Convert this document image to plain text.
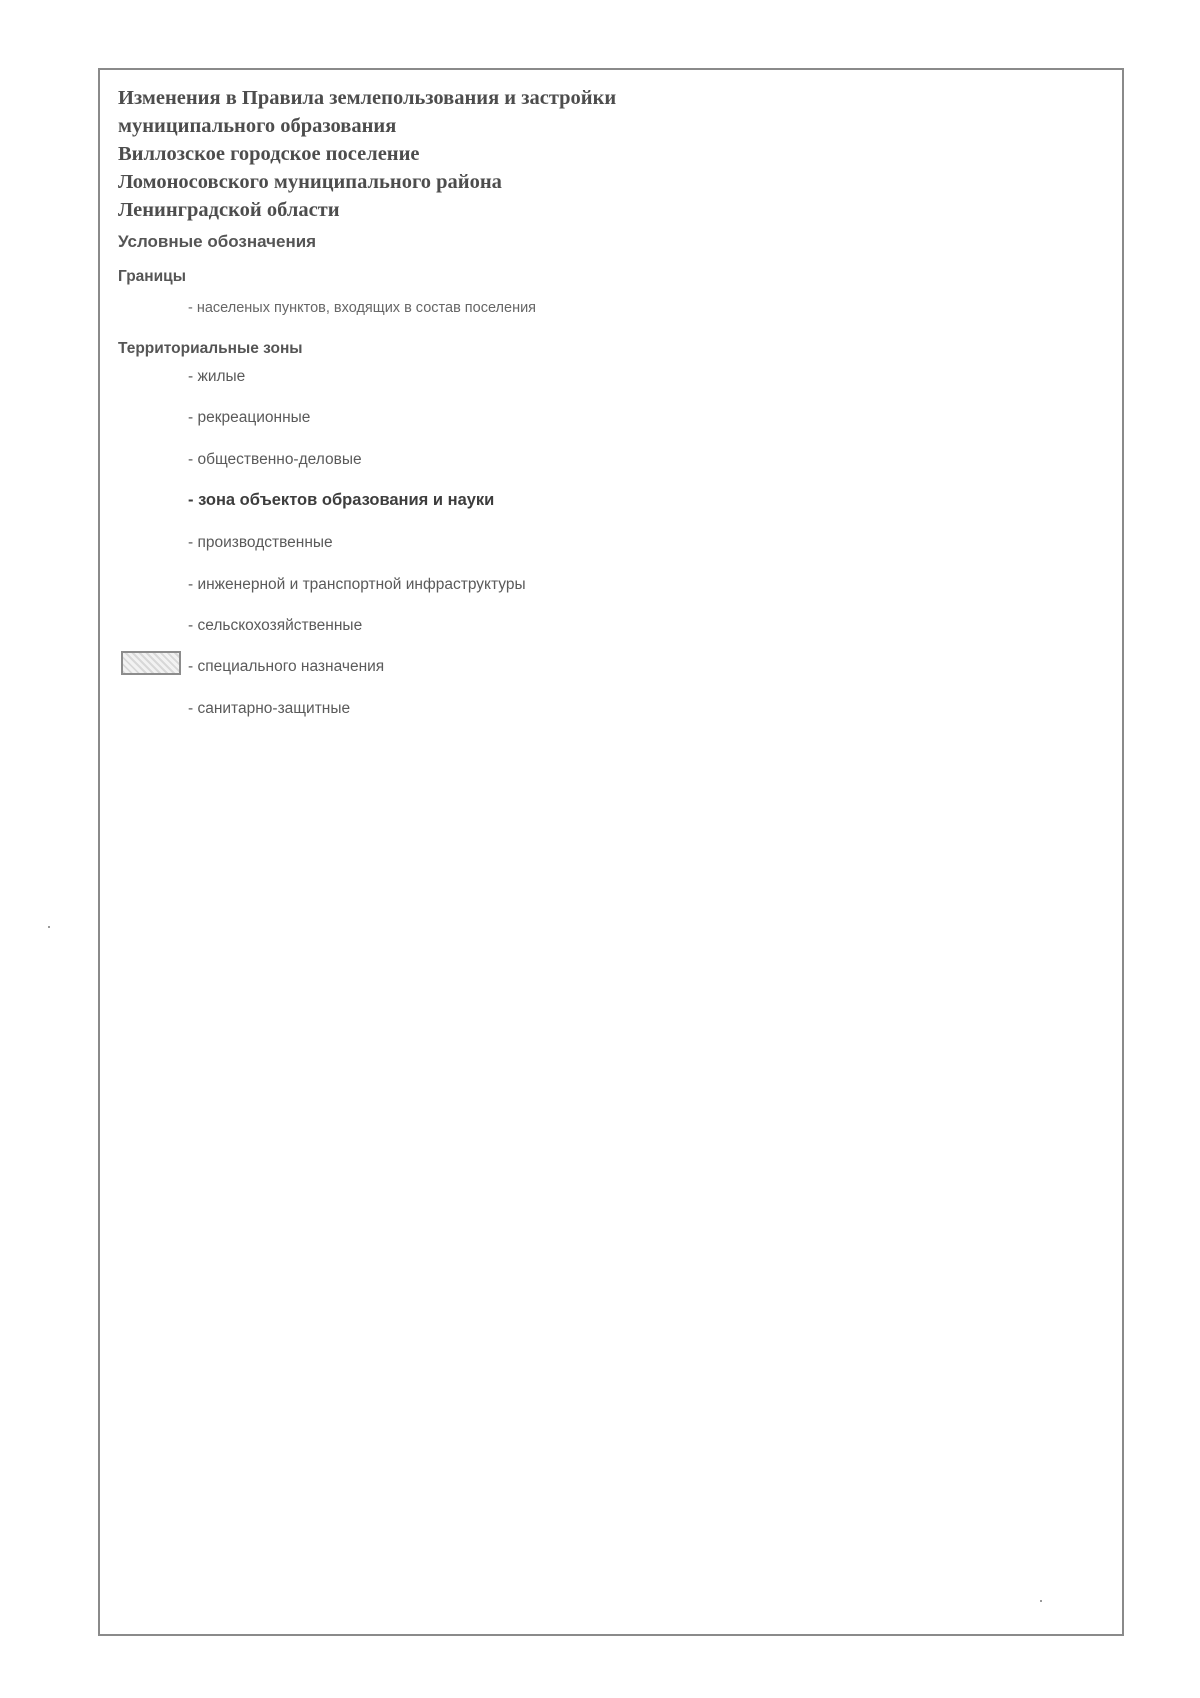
Изменения в Правила землепользования и застройки
муниципального образования
Виллозское городское поселение
Ломоносовского муниципального района
Ленинградской области
Условные обозначения
Границы
- населеных пунктов, входящих в состав поселения
Территориальные зоны
- жилые
- рекреационные
- общественно-деловые
- зона объектов образования и науки
- производственные
- инженерной и транспортной инфраструктуры
- сельскохозяйственные
- специального назначения
- санитарно-защитные
